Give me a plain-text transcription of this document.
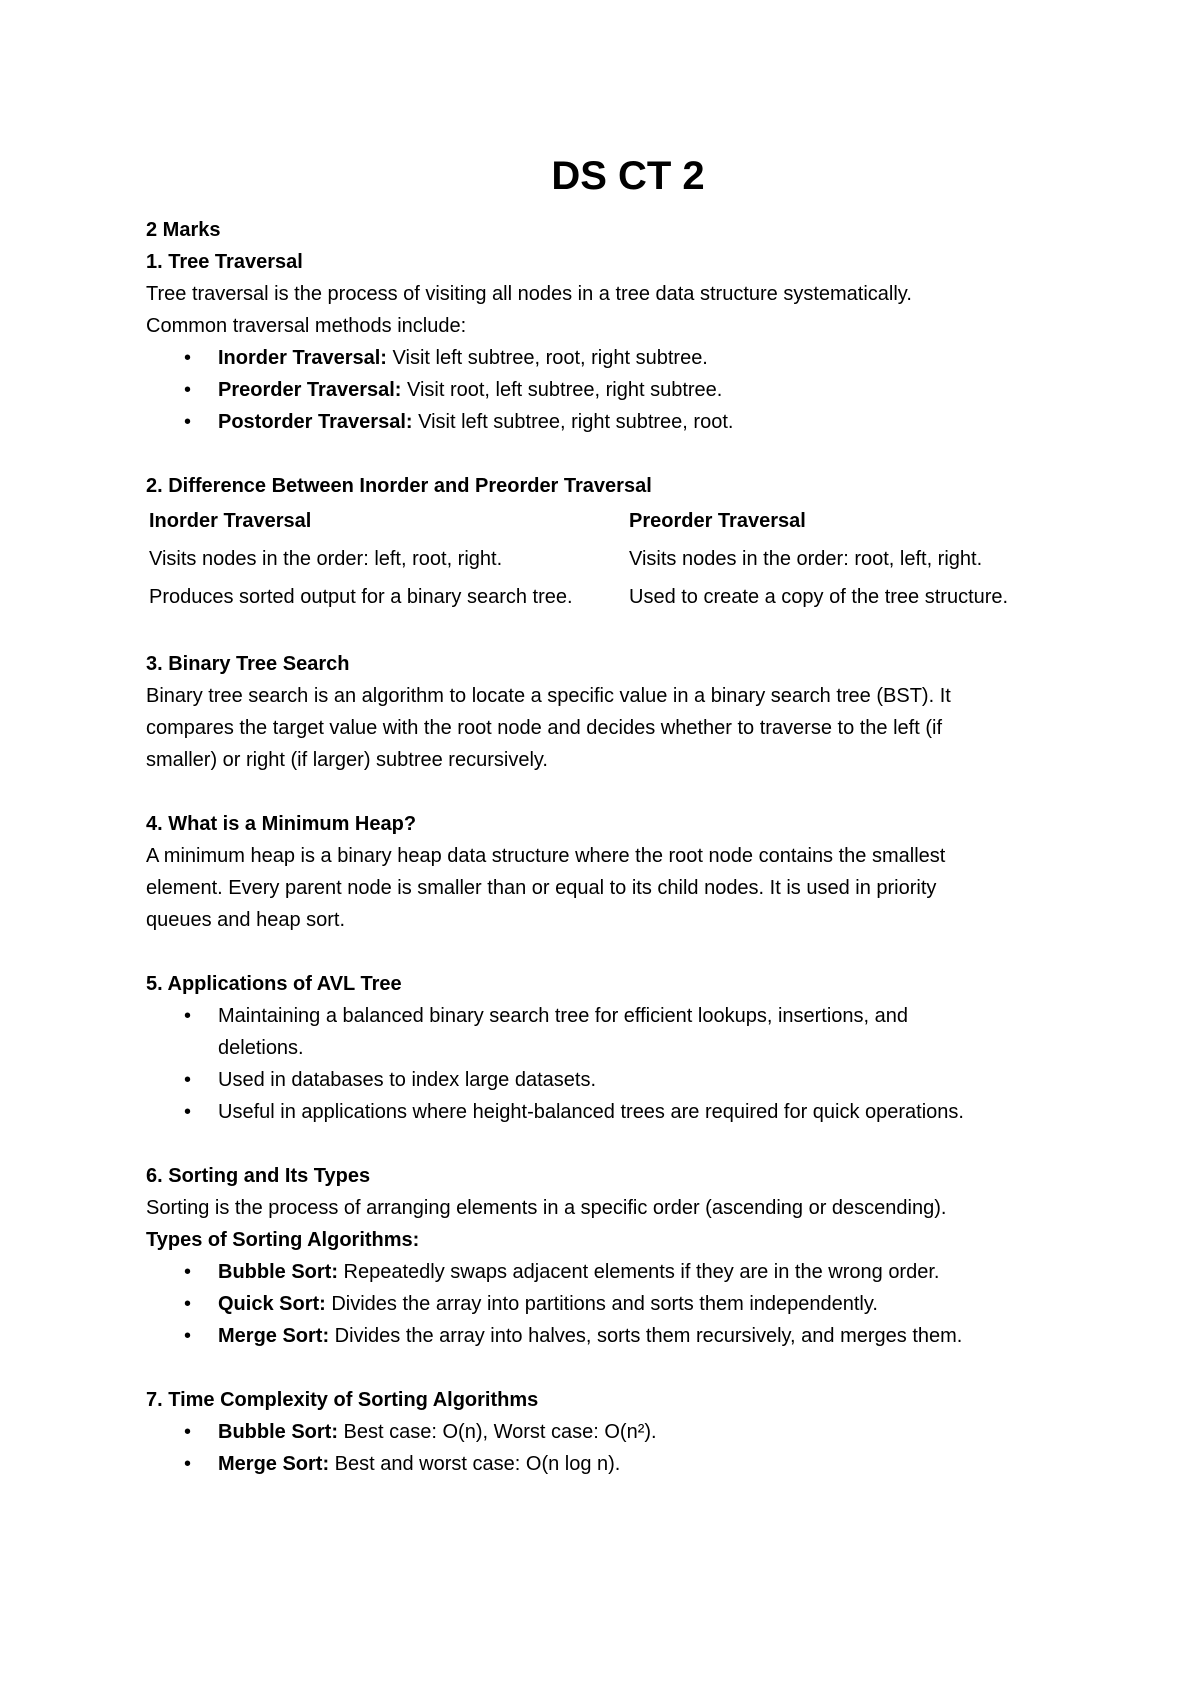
DS CT 2

2 Marks

1. Tree Traversal

Tree traversal is the process of visiting all nodes in a tree data structure systematically.

Common traversal methods include:

• Inorder Traversal: Visit left subtree, root, right subtree.
• Preorder Traversal: Visit root, left subtree, right subtree.
• Postorder Traversal: Visit left subtree, right subtree, root.

2. Difference Between Inorder and Preorder Traversal

Inorder Traversal	Preorder Traversal
Visits nodes in the order: left, root, right.	Visits nodes in the order: root, left, right.
Produces sorted output for a binary search tree.	Used to create a copy of the tree structure.

3. Binary Tree Search

Binary tree search is an algorithm to locate a specific value in a binary search tree (BST). It

compares the target value with the root node and decides whether to traverse to the left (if

smaller) or right (if larger) subtree recursively.

4. What is a Minimum Heap?

A minimum heap is a binary heap data structure where the root node contains the smallest

element. Every parent node is smaller than or equal to its child nodes. It is used in priority

queues and heap sort.

5. Applications of AVL Tree

• Maintaining a balanced binary search tree for efficient lookups, insertions, and deletions.
• Used in databases to index large datasets.
• Useful in applications where height-balanced trees are required for quick operations.

6. Sorting and Its Types

Sorting is the process of arranging elements in a specific order (ascending or descending).

Types of Sorting Algorithms:

• Bubble Sort: Repeatedly swaps adjacent elements if they are in the wrong order.
• Quick Sort: Divides the array into partitions and sorts them independently.
• Merge Sort: Divides the array into halves, sorts them recursively, and merges them.

7. Time Complexity of Sorting Algorithms

• Bubble Sort: Best case: O(n), Worst case: O(n²).
• Merge Sort: Best and worst case: O(n log n).
